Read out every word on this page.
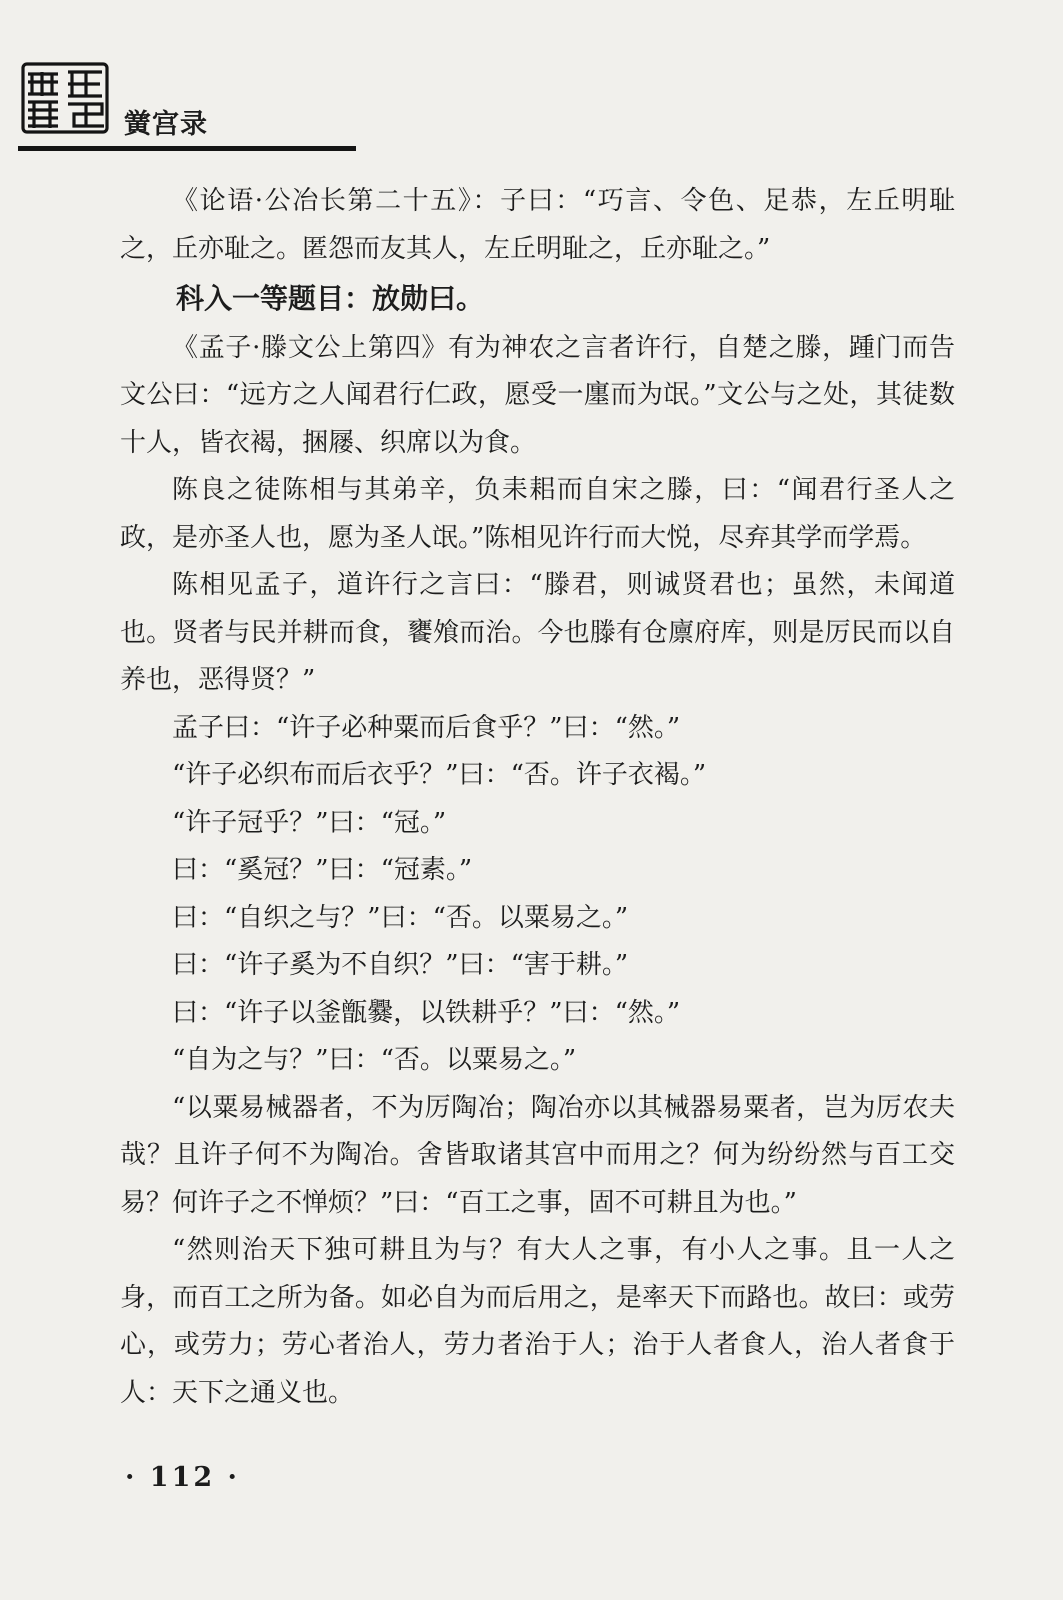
黉宫录

《论语·公冶长第二十五》：子曰：“巧言、令色、足恭，左丘明耻之，丘亦耻之。匿怨而友其人，左丘明耻之，丘亦耻之。”

科入一等题目：放勋曰。

《孟子·滕文公上第四》有为神农之言者许行，自楚之滕，踵门而告文公曰：“远方之人闻君行仁政，愿受一廛而为氓。”文公与之处，其徒数十人，皆衣褐，捆屦、织席以为食。

陈良之徒陈相与其弟辛，负耒耜而自宋之滕，曰：“闻君行圣人之政，是亦圣人也，愿为圣人氓。”陈相见许行而大悦，尽弃其学而学焉。

陈相见孟子，道许行之言曰：“滕君，则诚贤君也；虽然，未闻道也。贤者与民并耕而食，饔飧而治。今也滕有仓廪府库，则是厉民而以自养也，恶得贤？”

孟子曰：“许子必种粟而后食乎？”曰：“然。”

“许子必织布而后衣乎？”曰：“否。许子衣褐。”

“许子冠乎？”曰：“冠。”

曰：“奚冠？”曰：“冠素。”

曰：“自织之与？”曰：“否。以粟易之。”

曰：“许子奚为不自织？”曰：“害于耕。”

曰：“许子以釜甑爨，以铁耕乎？”曰：“然。”

“自为之与？”曰：“否。以粟易之。”

“以粟易械器者，不为厉陶冶；陶冶亦以其械器易粟者，岂为厉农夫哉？且许子何不为陶冶。舍皆取诸其宫中而用之？何为纷纷然与百工交易？何许子之不惮烦？”曰：“百工之事，固不可耕且为也。”

“然则治天下独可耕且为与？有大人之事，有小人之事。且一人之身，而百工之所为备。如必自为而后用之，是率天下而路也。故曰：或劳心，或劳力；劳心者治人，劳力者治于人；治于人者食人，治人者食于人：天下之通义也。

· 112 ·
